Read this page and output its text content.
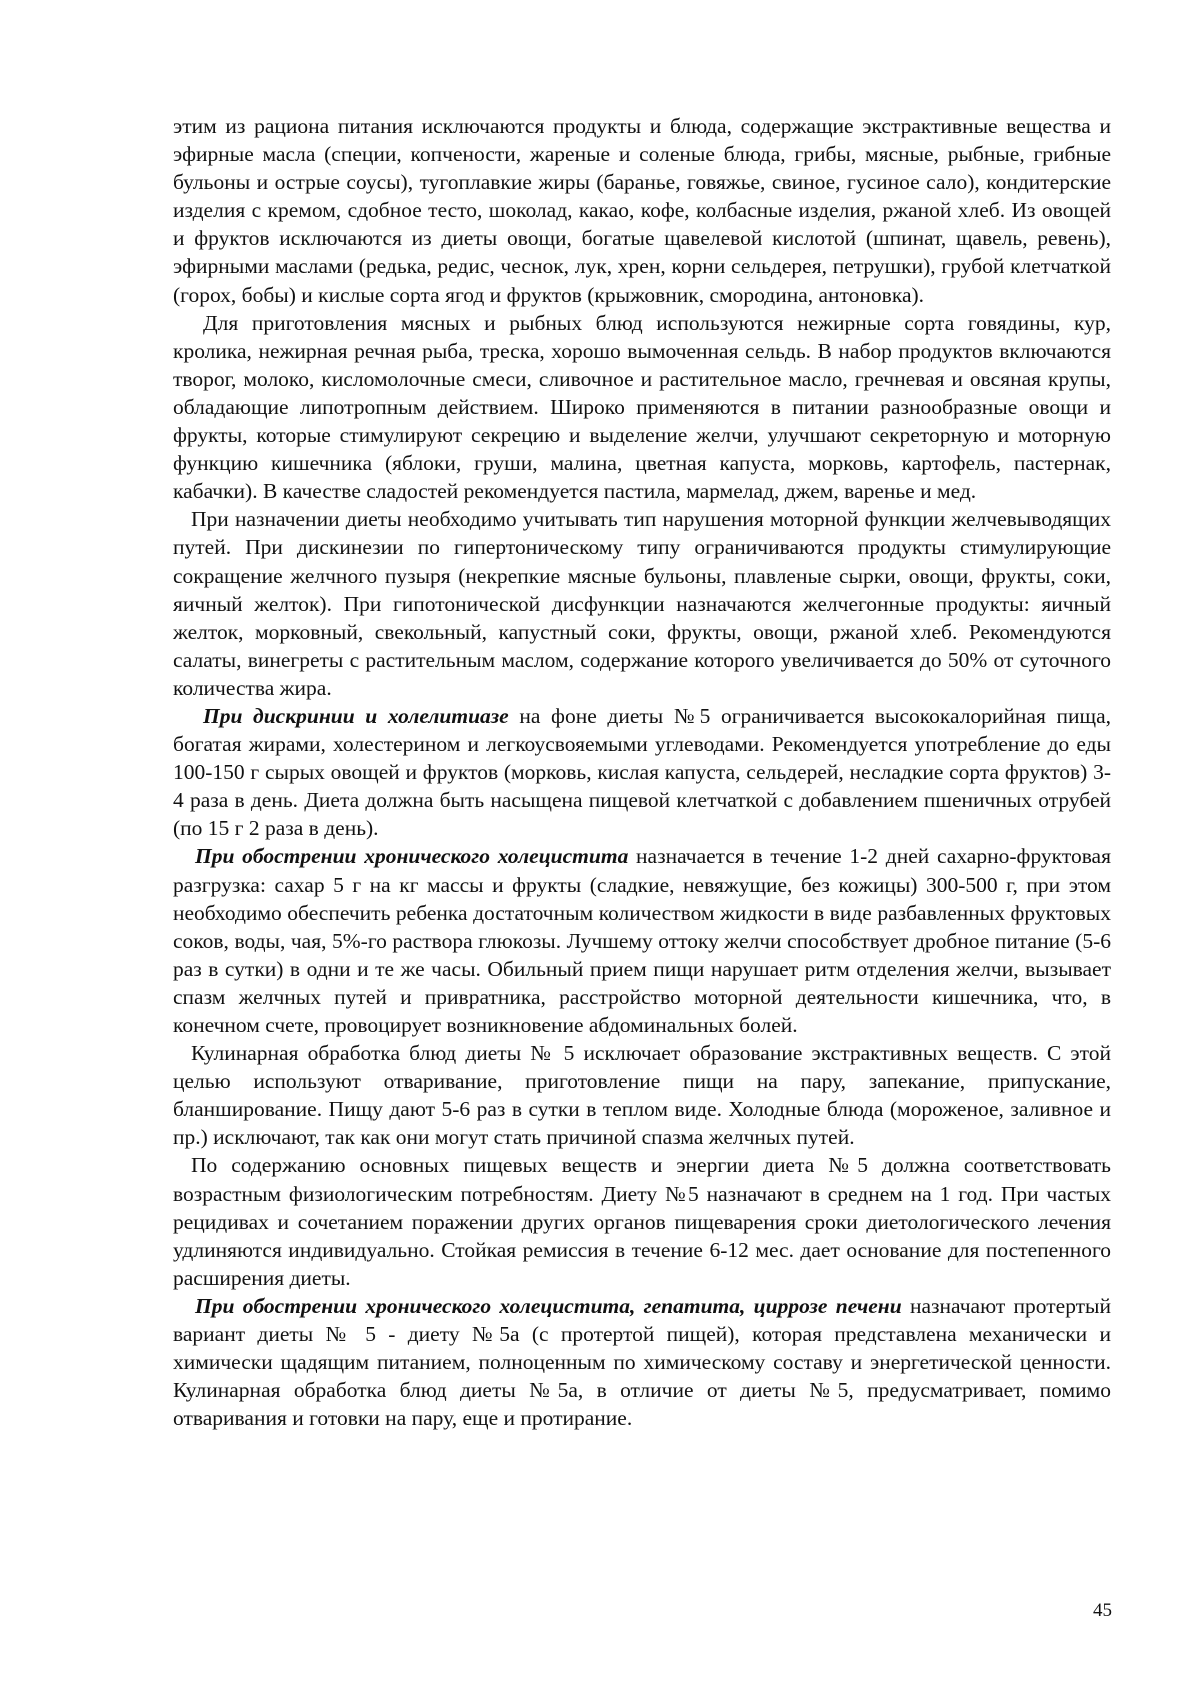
этим из рациона питания исключаются продукты и блюда, содержащие экстрактивные вещества и эфирные масла (специи, копчености, жареные и соленые блюда, грибы, мясные, рыбные, грибные бульоны и острые соусы), тугоплавкие жиры (баранье, говяжье, свиное, гусиное сало), кондитерские изделия с кремом, сдобное тесто, шоколад, какао, кофе, колбасные изделия, ржаной хлеб. Из овощей и фруктов исключаются из диеты овощи, богатые щавелевой кислотой (шпинат, щавель, ревень), эфирными маслами (редька, редис, чеснок, лук, хрен, корни сельдерея, петрушки), грубой клетчаткой (горох, бобы) и кислые сорта ягод и фруктов (крыжовник, смородина, антоновка).

Для приготовления мясных и рыбных блюд используются нежирные сорта говядины, кур, кролика, нежирная речная рыба, треска, хорошо вымоченная сельдь. В набор продуктов включаются творог, молоко, кисломолочные смеси, сливочное и растительное масло, гречневая и овсяная крупы, обладающие липотропным действием. Широко применяются в питании разнообразные овощи и фрукты, которые стимулируют секрецию и выделение желчи, улучшают секреторную и моторную функцию кишечника (яблоки, груши, малина, цветная капуста, морковь, картофель, пастернак, кабачки). В качестве сладостей рекомендуется пастила, мармелад, джем, варенье и мед.

При назначении диеты необходимо учитывать тип нарушения моторной функции желчевыводящих путей. При дискинезии по гипертоническому типу ограничиваются продукты стимулирующие сокращение желчного пузыря (некрепкие мясные бульоны, плавленые сырки, овощи, фрукты, соки, яичный желток). При гипотонической дисфункции назначаются желчегонные продукты: яичный желток, морковный, свекольный, капустный соки, фрукты, овощи, ржаной хлеб. Рекомендуются салаты, винегреты с растительным маслом, содержание которого увеличивается до 50% от суточного количества жира.

При дискринии и холелитиазе на фоне диеты №5 ограничивается высококалорийная пища, богатая жирами, холестерином и легкоусвояемыми углеводами. Рекомендуется употребление до еды 100-150 г сырых овощей и фруктов (морковь, кислая капуста, сельдерей, несладкие сорта фруктов) 3-4 раза в день. Диета должна быть насыщена пищевой клетчаткой с добавлением пшеничных отрубей (по 15 г 2 раза в день).

При обострении хронического холецистита назначается в течение 1-2 дней сахарно-фруктовая разгрузка: сахар 5 г на кг массы и фрукты (сладкие, невяжущие, без кожицы) 300-500 г, при этом необходимо обеспечить ребенка достаточным количеством жидкости в виде разбавленных фруктовых соков, воды, чая, 5%-го раствора глюкозы. Лучшему оттоку желчи способствует дробное питание (5-6 раз в сутки) в одни и те же часы. Обильный прием пищи нарушает ритм отделения желчи, вызывает спазм желчных путей и привратника, расстройство моторной деятельности кишечника, что, в конечном счете, провоцирует возникновение абдоминальных болей.

Кулинарная обработка блюд диеты № 5 исключает образование экстрактивных веществ. С этой целью используют отваривание, приготовление пищи на пару, запекание, припускание, бланширование. Пищу дают 5-6 раз в сутки в теплом виде. Холодные блюда (мороженое, заливное и пр.) исключают, так как они могут стать причиной спазма желчных путей.

По содержанию основных пищевых веществ и энергии диета №5 должна соответствовать возрастным физиологическим потребностям. Диету №5 назначают в среднем на 1 год. При частых рецидивах и сочетанием поражении других органов пищеварения сроки диетологического лечения удлиняются индивидуально. Стойкая ремиссия в течение 6-12 мес. дает основание для постепенного расширения диеты.

При обострении хронического холецистита, гепатита, циррозе печени назначают протертый вариант диеты № 5 - диету №5а (с протертой пищей), которая представлена механически и химически щадящим питанием, полноценным по химическому составу и энергетической ценности. Кулинарная обработка блюд диеты №5а, в отличие от диеты №5, предусматривает, помимо отваривания и готовки на пару, еще и протирание.

45
